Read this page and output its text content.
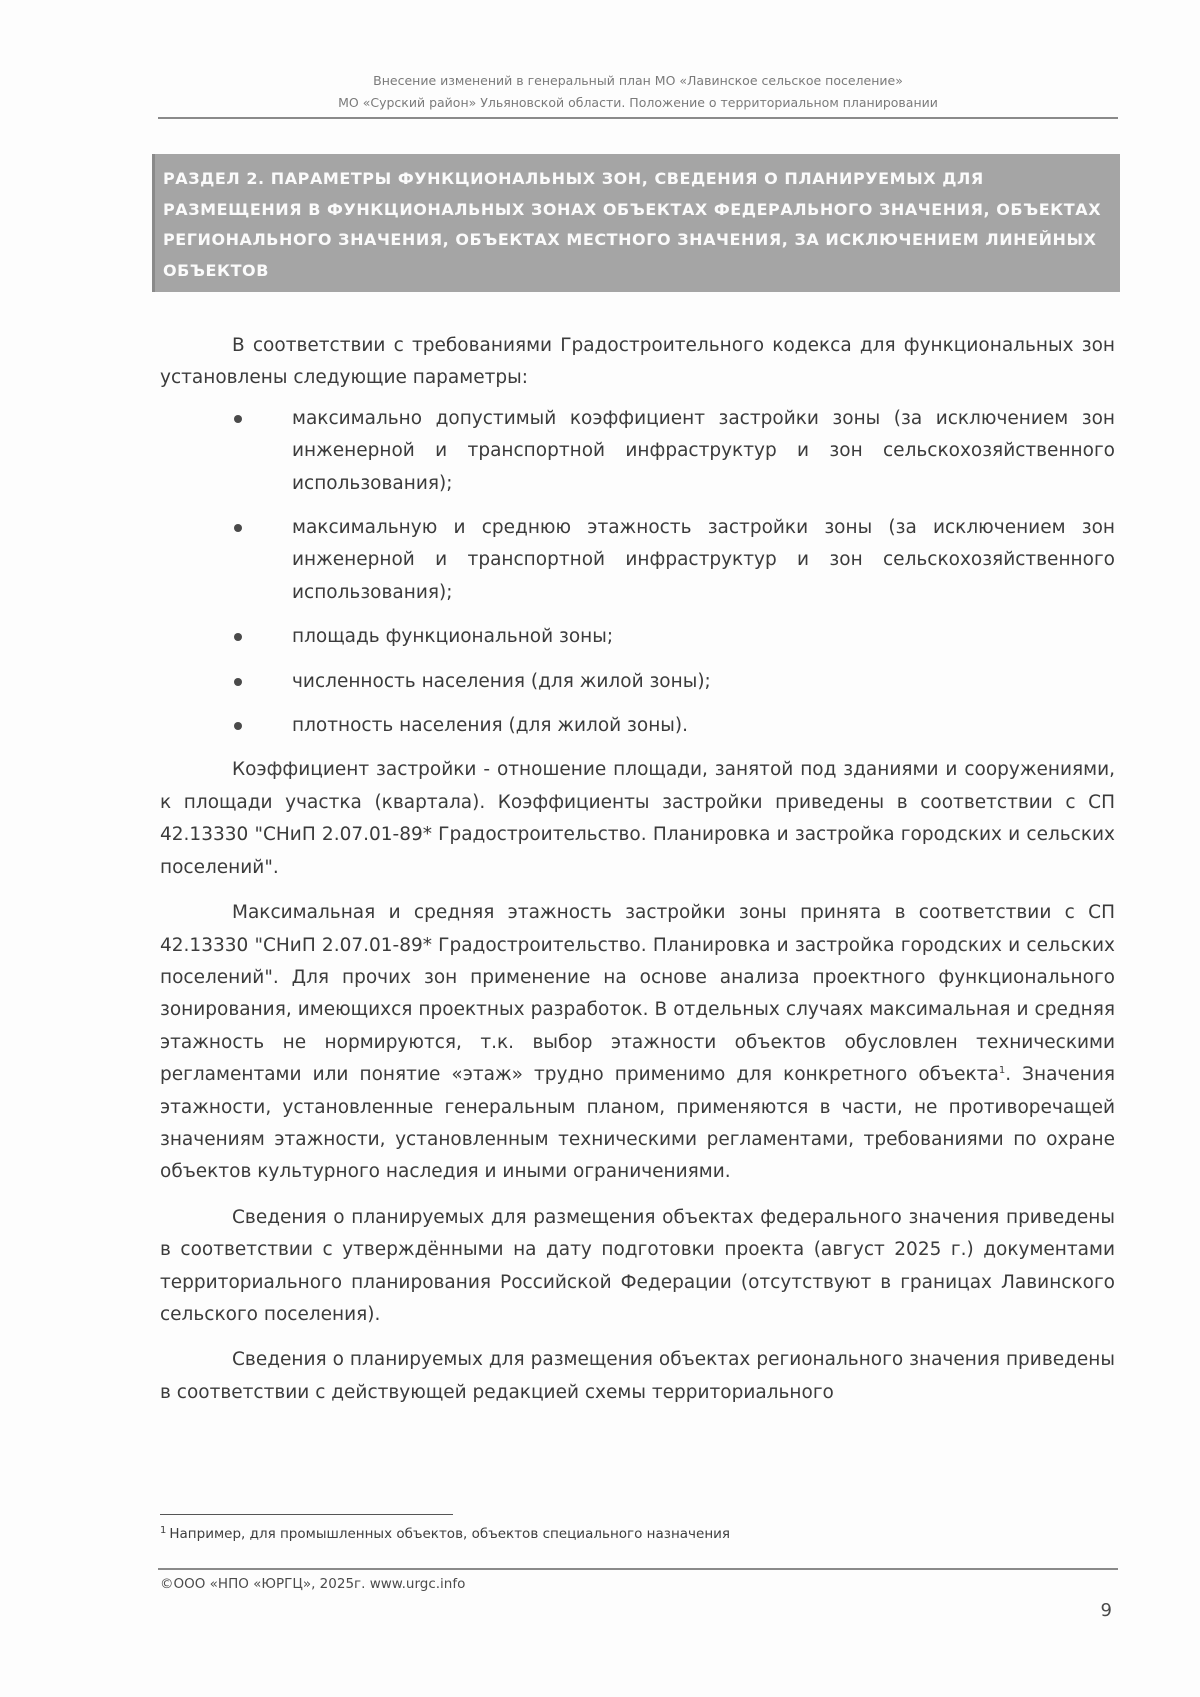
Внесение изменений в генеральный план МО «Лавинское сельское поселение»
МО «Сурский район» Ульяновской области. Положение о территориальном планировании
РАЗДЕЛ 2. ПАРАМЕТРЫ ФУНКЦИОНАЛЬНЫХ ЗОН, СВЕДЕНИЯ О ПЛАНИРУЕМЫХ ДЛЯ РАЗМЕЩЕНИЯ В ФУНКЦИОНАЛЬНЫХ ЗОНАХ ОБЪЕКТАХ ФЕДЕРАЛЬНОГО ЗНАЧЕНИЯ, ОБЪЕКТАХ РЕГИОНАЛЬНОГО ЗНАЧЕНИЯ, ОБЪЕКТАХ МЕСТНОГО ЗНАЧЕНИЯ, ЗА ИСКЛЮЧЕНИЕМ ЛИНЕЙНЫХ ОБЪЕКТОВ

В соответствии с требованиями Градостроительного кодекса для функциональных зон установлены следующие параметры:

максимально допустимый коэффициент застройки зоны (за исключением зон инженерной и транспортной инфраструктур и зон сельскохозяйственного использования);
максимальную и среднюю этажность застройки зоны (за исключением зон инженерной и транспортной инфраструктур и зон сельскохозяйственного использования);
площадь функциональной зоны;
численность населения (для жилой зоны);
плотность населения (для жилой зоны).

Коэффициент застройки - отношение площади, занятой под зданиями и сооружениями, к площади участка (квартала). Коэффициенты застройки приведены в соответствии с СП 42.13330 "СНиП 2.07.01-89* Градостроительство. Планировка и застройка городских и сельских поселений".

Максимальная и средняя этажность застройки зоны принята в соответствии с СП 42.13330 "СНиП 2.07.01-89* Градостроительство. Планировка и застройка городских и сельских поселений". Для прочих зон применение на основе анализа проектного функционального зонирования, имеющихся проектных разработок. В отдельных случаях максимальная и средняя этажность не нормируются, т.к. выбор этажности объектов обусловлен техническими регламентами или понятие «этаж» трудно применимо для конкретного объекта$^1$. Значения этажности, установленные генеральным планом, применяются в части, не противоречащей значениям этажности, установленным техническими регламентами, требованиями по охране объектов культурного наследия и иными ограничениями.

Сведения о планируемых для размещения объектах федерального значения приведены в соответствии с утверждёнными на дату подготовки проекта (август 2025 г.) документами территориального планирования Российской Федерации (отсутствуют в границах Лавинского сельского поселения).

Сведения о планируемых для размещения объектах регионального значения приведены в соответствии с действующей редакцией схемы территориального

$^1$ Например, для промышленных объектов, объектов специального назначения
©ООО «НПО «ЮРГЦ», 2025г. www.urgc.info
9
